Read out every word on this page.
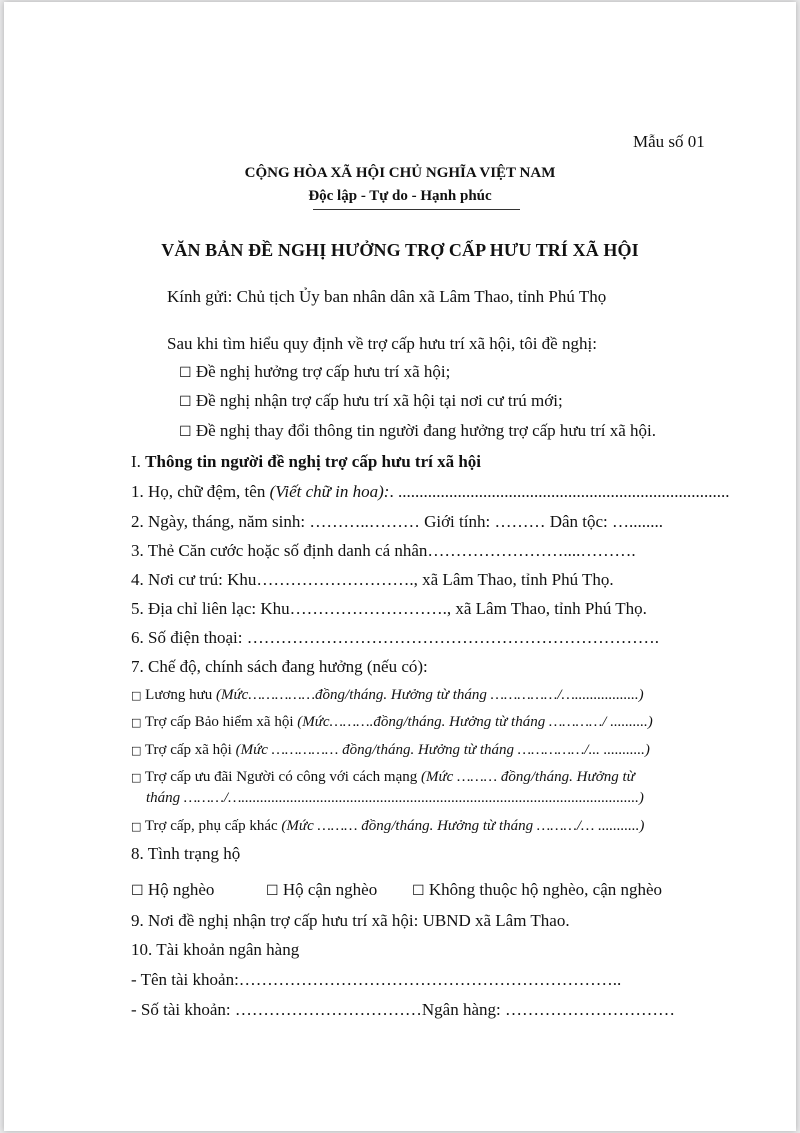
Mẫu số 01
CỘNG HÒA XÃ HỘI CHỦ NGHĨA VIỆT NAM
Độc lập - Tự do - Hạnh phúc
VĂN BẢN ĐỀ NGHỊ HƯỞNG TRỢ CẤP HƯU TRÍ XÃ HỘI
Kính gửi: Chủ tịch Ủy ban nhân dân xã Lâm Thao, tỉnh Phú Thọ
Sau khi tìm hiểu quy định về trợ cấp hưu trí xã hội, tôi đề nghị:
☐ Đề nghị hưởng trợ cấp hưu trí xã hội;
☐ Đề nghị nhận trợ cấp hưu trí xã hội tại nơi cư trú mới;
☐ Đề nghị thay đổi thông tin người đang hưởng trợ cấp hưu trí xã hội.
I. Thông tin người đề nghị trợ cấp hưu trí xã hội
1. Họ, chữ đệm, tên (Viết chữ in hoa):. ..............................................................................
2. Ngày, tháng, năm sinh: ………..……… Giới tính: ……… Dân tộc: …........
3. Thẻ Căn cước hoặc số định danh cá nhân……………………....……….
4. Nơi cư trú: Khu………………………., xã Lâm Thao, tỉnh Phú Thọ.
5. Địa chỉ liên lạc: Khu………………………., xã Lâm Thao, tỉnh Phú Thọ.
6. Số điện thoại: ……………………………………………………………….
7. Chế độ, chính sách đang hưởng (nếu có):
□ Lương hưu (Mức……………đồng/tháng. Hưởng từ tháng ……………/….................)
□ Trợ cấp Bảo hiểm xã hội (Mức……….đồng/tháng. Hưởng từ tháng …………/ ..........)
□ Trợ cấp xã hội (Mức …………… đồng/tháng. Hưởng từ tháng ……………/... ...........)
□ Trợ cấp ưu đãi Người có công với cách mạng (Mức ……… đồng/tháng. Hưởng từ
tháng ………/…..........................................................................................................)
□ Trợ cấp, phụ cấp khác (Mức ……… đồng/tháng. Hưởng từ tháng ………/… ...........)
8. Tình trạng hộ
☐ Hộ nghèo	☐ Hộ cận nghèo ☐ Không thuộc hộ nghèo, cận nghèo
9. Nơi đề nghị nhận trợ cấp hưu trí xã hội: UBND xã Lâm Thao.
10. Tài khoản ngân hàng
- Tên tài khoản:…………………………………………………………..
- Số tài khoản: ……………………………Ngân hàng: …………………………
